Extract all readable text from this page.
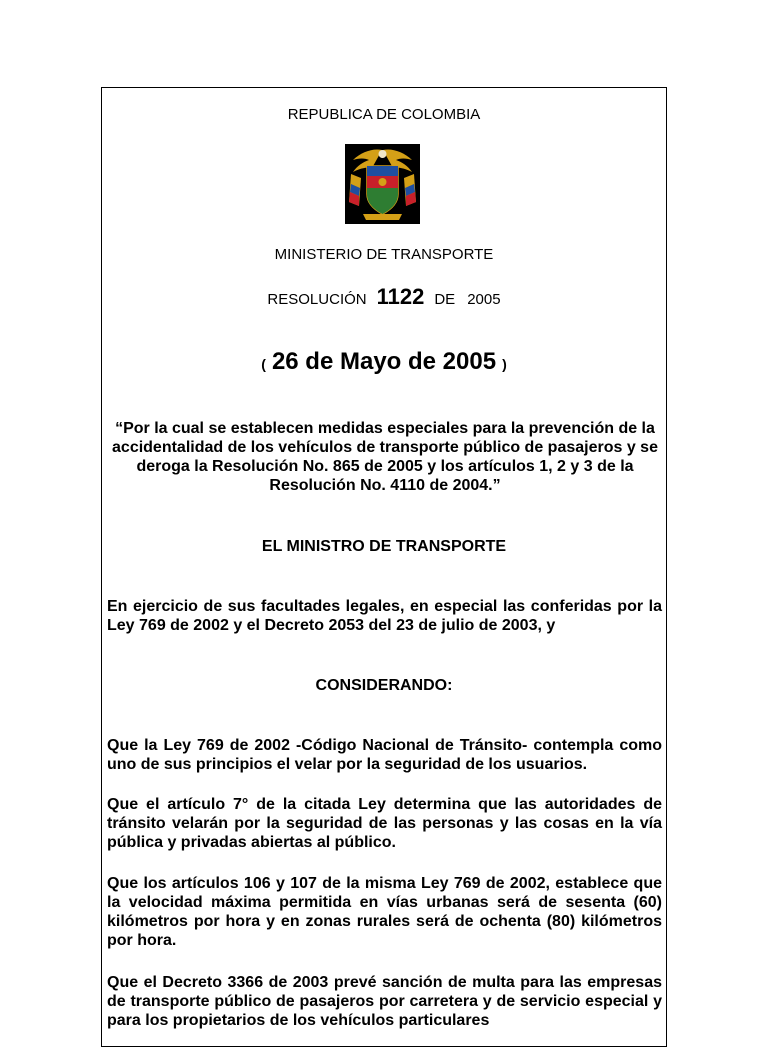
REPUBLICA DE COLOMBIA
MINISTERIO DE TRANSPORTE
RESOLUCIÓN 1122 DE 2005
( 26 de Mayo de 2005 )
“Por la cual se establecen medidas especiales para la prevención de la accidentalidad de los vehículos de transporte público de pasajeros y se deroga la Resolución No. 865 de 2005 y los artículos 1, 2 y 3 de la Resolución No. 4110 de 2004.”
EL MINISTRO DE TRANSPORTE
En ejercicio de sus facultades legales, en especial las conferidas por la Ley 769 de 2002 y el Decreto 2053 del 23 de julio de 2003, y
CONSIDERANDO:
Que la Ley 769 de 2002 -Código Nacional de Tránsito- contempla como uno de sus principios el velar por la seguridad de los usuarios.
Que el artículo 7° de la citada Ley determina que las autoridades de tránsito velarán por la seguridad de las personas y las cosas en la vía pública y privadas abiertas al público.
Que los artículos 106 y 107 de la misma Ley 769 de 2002, establece que la velocidad máxima permitida en vías urbanas será de sesenta (60) kilómetros por hora y en zonas rurales será de ochenta (80) kilómetros por hora.
Que el Decreto 3366 de 2003 prevé sanción de multa para las empresas de transporte público de pasajeros por carretera y de servicio especial y para los propietarios de los vehículos particulares
